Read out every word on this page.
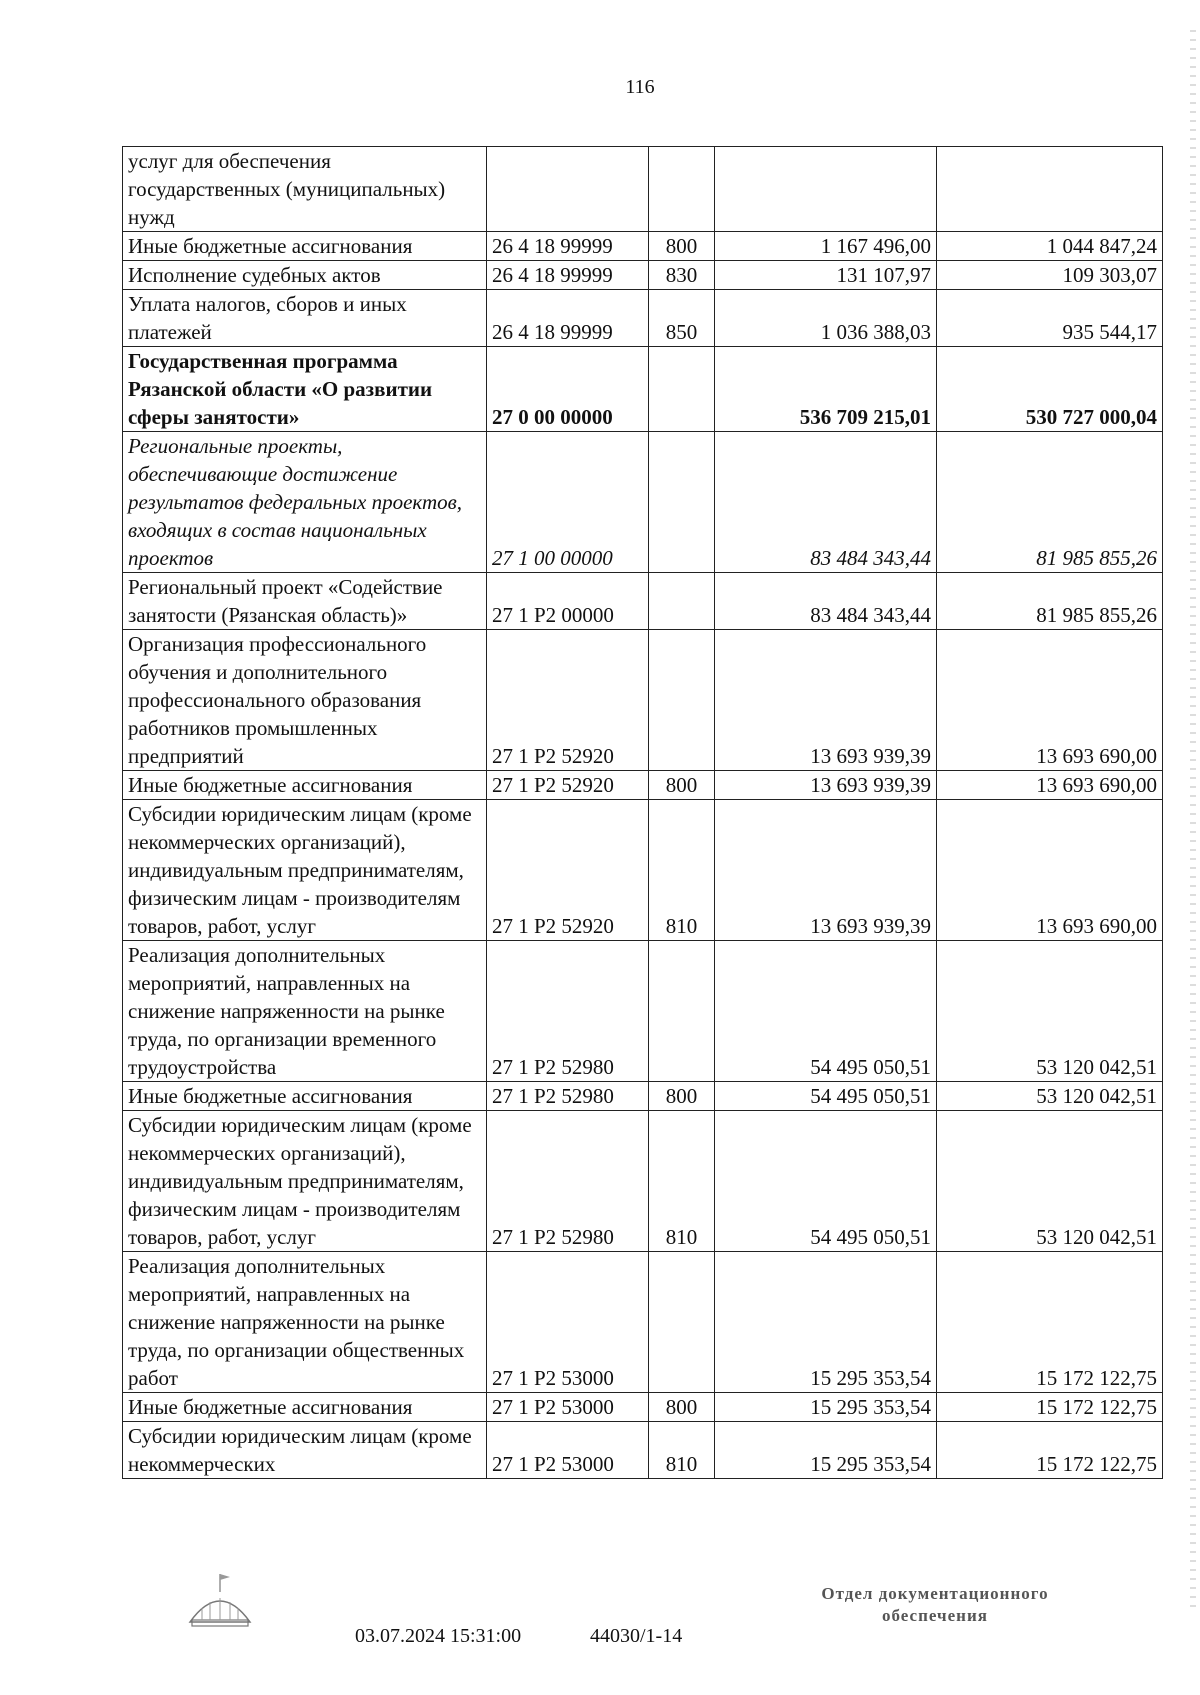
116
услуг для обеспечения государственных (муниципальных) нужд				
Иные бюджетные ассигнования	26 4 18 99999	800	1 167 496,00	1 044 847,24
Исполнение судебных актов	26 4 18 99999	830	131 107,97	109 303,07
Уплата налогов, сборов и иных платежей	26 4 18 99999	850	1 036 388,03	935 544,17
Государственная программа Рязанской области «О развитии сферы занятости»	27 0 00 00000		536 709 215,01	530 727 000,04
Региональные проекты, обеспечивающие достижение результатов федеральных проектов, входящих в состав национальных проектов	27 1 00 00000		83 484 343,44	81 985 855,26
Региональный проект «Содействие занятости (Рязанская область)»	27 1 P2 00000		83 484 343,44	81 985 855,26
Организация профессионального обучения и дополнительного профессионального образования работников промышленных предприятий	27 1 P2 52920		13 693 939,39	13 693 690,00
Иные бюджетные ассигнования	27 1 P2 52920	800	13 693 939,39	13 693 690,00
Субсидии юридическим лицам (кроме некоммерческих организаций), индивидуальным предпринимателям, физическим лицам - производителям товаров, работ, услуг	27 1 P2 52920	810	13 693 939,39	13 693 690,00
Реализация дополнительных мероприятий, направленных на снижение напряженности на рынке труда, по организации временного трудоустройства	27 1 P2 52980		54 495 050,51	53 120 042,51
Иные бюджетные ассигнования	27 1 P2 52980	800	54 495 050,51	53 120 042,51
Субсидии юридическим лицам (кроме некоммерческих организаций), индивидуальным предпринимателям, физическим лицам - производителям товаров, работ, услуг	27 1 P2 52980	810	54 495 050,51	53 120 042,51
Реализация дополнительных мероприятий, направленных на снижение напряженности на рынке труда, по организации общественных работ	27 1 P2 53000		15 295 353,54	15 172 122,75
Иные бюджетные ассигнования	27 1 P2 53000	800	15 295 353,54	15 172 122,75
Субсидии юридическим лицам (кроме некоммерческих	27 1 P2 53000	810	15 295 353,54	15 172 122,75
03.07.2024 15:31:00	44030/1-14
Отдел документационного
обеспечения
